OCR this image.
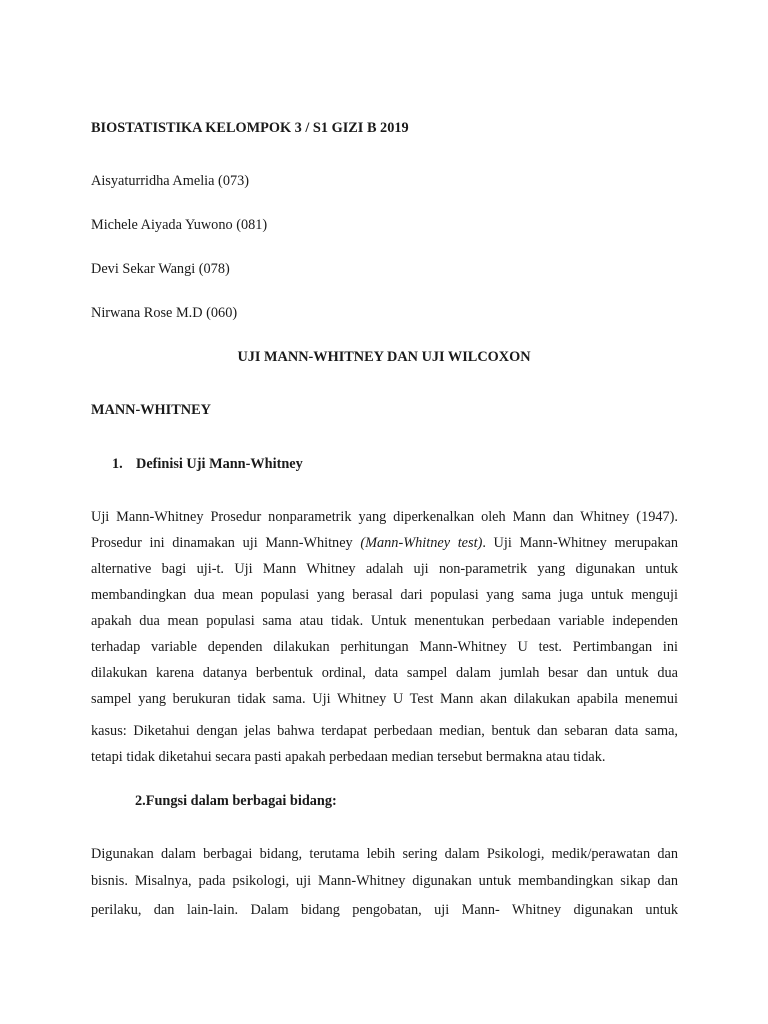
BIOSTATISTIKA KELOMPOK 3 / S1 GIZI B 2019
Aisyaturridha Amelia (073)
Michele Aiyada Yuwono (081)
Devi Sekar Wangi (078)
Nirwana Rose M.D (060)
UJI MANN-WHITNEY DAN UJI WILCOXON
MANN-WHITNEY
1. Definisi Uji Mann-Whitney
Uji Mann-Whitney Prosedur nonparametrik yang diperkenalkan oleh Mann dan Whitney (1947).
Prosedur ini dinamakan uji Mann-Whitney (Mann-Whitney test). Uji Mann-Whitney merupakan
alternative bagi uji-t. Uji Mann Whitney adalah uji non-parametrik yang digunakan untuk
membandingkan dua mean populasi yang berasal dari populasi yang sama juga untuk menguji
apakah dua mean populasi sama atau tidak. Untuk menentukan perbedaan variable independen
terhadap variable dependen dilakukan perhitungan Mann-Whitney U test. Pertimbangan ini
dilakukan karena datanya berbentuk ordinal, data sampel dalam jumlah besar dan untuk dua
sampel yang berukuran tidak sama. Uji Whitney U Test Mann akan dilakukan apabila menemui
kasus: Diketahui dengan jelas bahwa terdapat perbedaan median, bentuk dan sebaran data sama,
tetapi tidak diketahui secara pasti apakah perbedaan median tersebut bermakna atau tidak.
2.Fungsi dalam berbagai bidang:
Digunakan dalam berbagai bidang, terutama lebih sering dalam Psikologi, medik/perawatan dan
bisnis. Misalnya, pada psikologi, uji Mann-Whitney digunakan untuk membandingkan sikap dan
perilaku, dan lain-lain. Dalam bidang pengobatan, uji Mann- Whitney digunakan untuk
